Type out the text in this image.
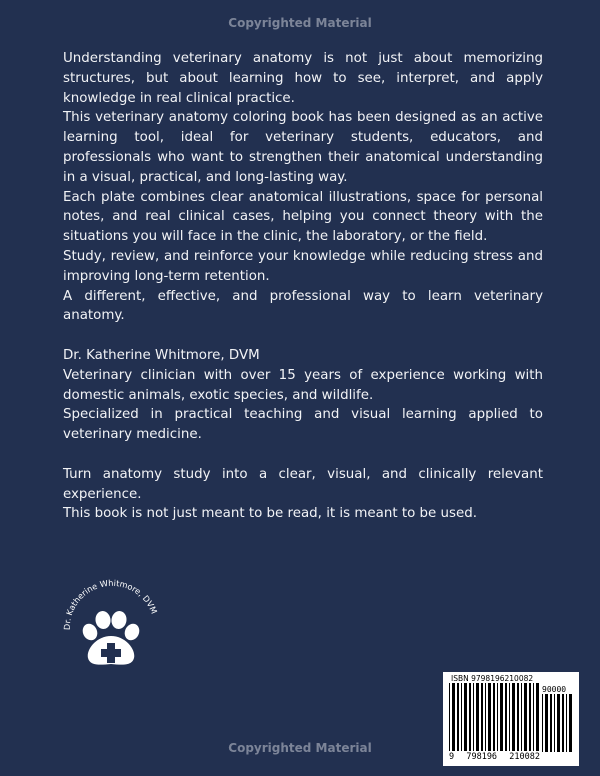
Copyrighted Material

Understanding veterinary anatomy is not just about memorizing structures, but about learning how to see, interpret, and apply knowledge in real clinical practice.

This veterinary anatomy coloring book has been designed as an active learning tool, ideal for veterinary students, educators, and professionals who want to strengthen their anatomical understanding in a visual, practical, and long-lasting way.

Each plate combines clear anatomical illustrations, space for personal notes, and real clinical cases, helping you connect theory with the situations you will face in the clinic, the laboratory, or the field.

Study, review, and reinforce your knowledge while reducing stress and improving long-term retention.

A different, effective, and professional way to learn veterinary anatomy.

Dr. Katherine Whitmore, DVM

Veterinary clinician with over 15 years of experience working with domestic animals, exotic species, and wildlife.

Specialized in practical teaching and visual learning applied to veterinary medicine.

Turn anatomy study into a clear, visual, and clinically relevant experience.

This book is not just meant to be read, it is meant to be used.

Dr. Katherine Whitmore, DVM
ISBN 9798196210082
90000
9 798196 210082
Copyrighted Material
